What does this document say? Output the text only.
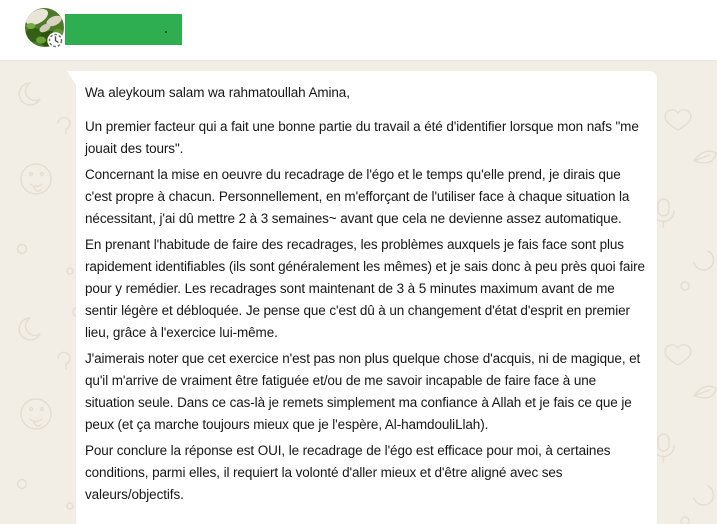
Wa aleykoum salam wa rahmatoullah Amina,

Un premier facteur qui a fait une bonne partie du travail a été d'identifier lorsque mon nafs "me jouait des tours".

Concernant la mise en oeuvre du recadrage de l'égo et le temps qu'elle prend, je dirais que c'est propre à chacun. Personnellement, en m'efforçant de l'utiliser face à chaque situation la nécessitant, j'ai dû mettre 2 à 3 semaines~ avant que cela ne devienne assez automatique.

En prenant l'habitude de faire des recadrages, les problèmes auxquels je fais face sont plus rapidement identifiables (ils sont généralement les mêmes) et je sais donc à peu près quoi faire pour y remédier. Les recadrages sont maintenant de 3 à 5 minutes maximum avant de me sentir légère et débloquée. Je pense que c'est dû à un changement d'état d'esprit en premier lieu, grâce à l'exercice lui-même.

J'aimerais noter que cet exercice n'est pas non plus quelque chose d'acquis, ni de magique, et qu'il m'arrive de vraiment être fatiguée et/ou de me savoir incapable de faire face à une situation seule. Dans ce cas-là je remets simplement ma confiance à Allah et je fais ce que je peux (et ça marche toujours mieux que je l'espère, Al-hamdouliLlah).

Pour conclure la réponse est OUI, le recadrage de l'égo est efficace pour moi, à certaines conditions, parmi elles, il requiert la volonté d'aller mieux et d'être aligné avec ses valeurs/objectifs.
